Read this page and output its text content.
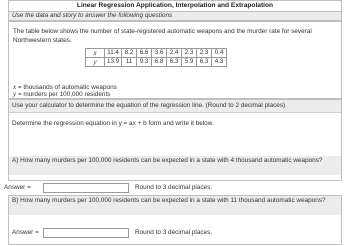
Linear Regression Application, Interpolation and Extrapolation
Use the data and story to answer the following questions
The table below shows the number of state-registered automatic weapons and the murder rate for several Northwestern states.
x	11.4	8.2	6.6	3.6	2.4	2.3	2.3	0.4
y	13.9	11	9.3	6.8	6.3	5.9	6.3	4.3
x = thousands of automatic weapons
y = murders per 100,000 residents
Use your calculator to determine the equation of the regression line. (Round to 2 decimal places)
Determine the regression equation in y = ax + b form and write it below.
A) How many murders per 100,000 residents can be expected in a state with 4 thousand automatic weapons?
Answer =	Round to 3 decimal places.
B) How many murders per 100,000 residents can be expected in a state with 11 thousand automatic weapons?
Answer =	Round to 3 decimal places.
